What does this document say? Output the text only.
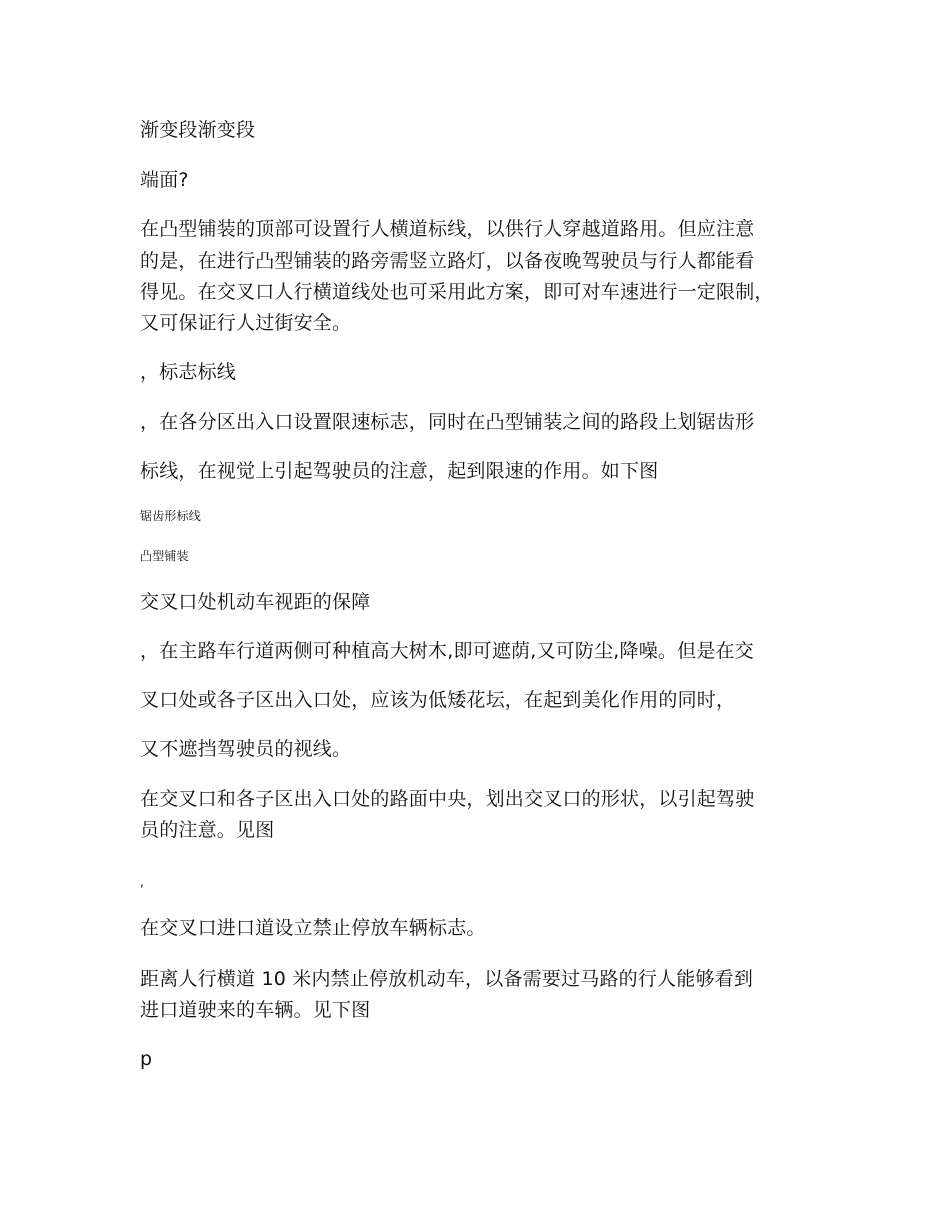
渐变段渐变段
端面?
在凸型铺装的顶部可设置行人横道标线，以供行人穿越道路用。但应注意
的是，在进行凸型铺装的路旁需竖立路灯，以备夜晚驾驶员与行人都能看
得见。在交叉口人行横道线处也可采用此方案，即可对车速进行一定限制，
又可保证行人过街安全。
，标志标线
，在各分区出入口设置限速标志，同时在凸型铺装之间的路段上划锯齿形
标线，在视觉上引起驾驶员的注意，起到限速的作用。如下图
锯齿形标线
凸型铺装
交叉口处机动车视距的保障
，在主路车行道两侧可种植高大树木,即可遮荫,又可防尘,降噪。但是在交
叉口处或各子区出入口处，应该为低矮花坛，在起到美化作用的同时，
又不遮挡驾驶员的视线。
在交叉口和各子区出入口处的路面中央，划出交叉口的形状，以引起驾驶
员的注意。见图
,
在交叉口进口道设立禁止停放车辆标志。
距离人行横道 10 米内禁止停放机动车，以备需要过马路的行人能够看到
进口道驶来的车辆。见下图
p
